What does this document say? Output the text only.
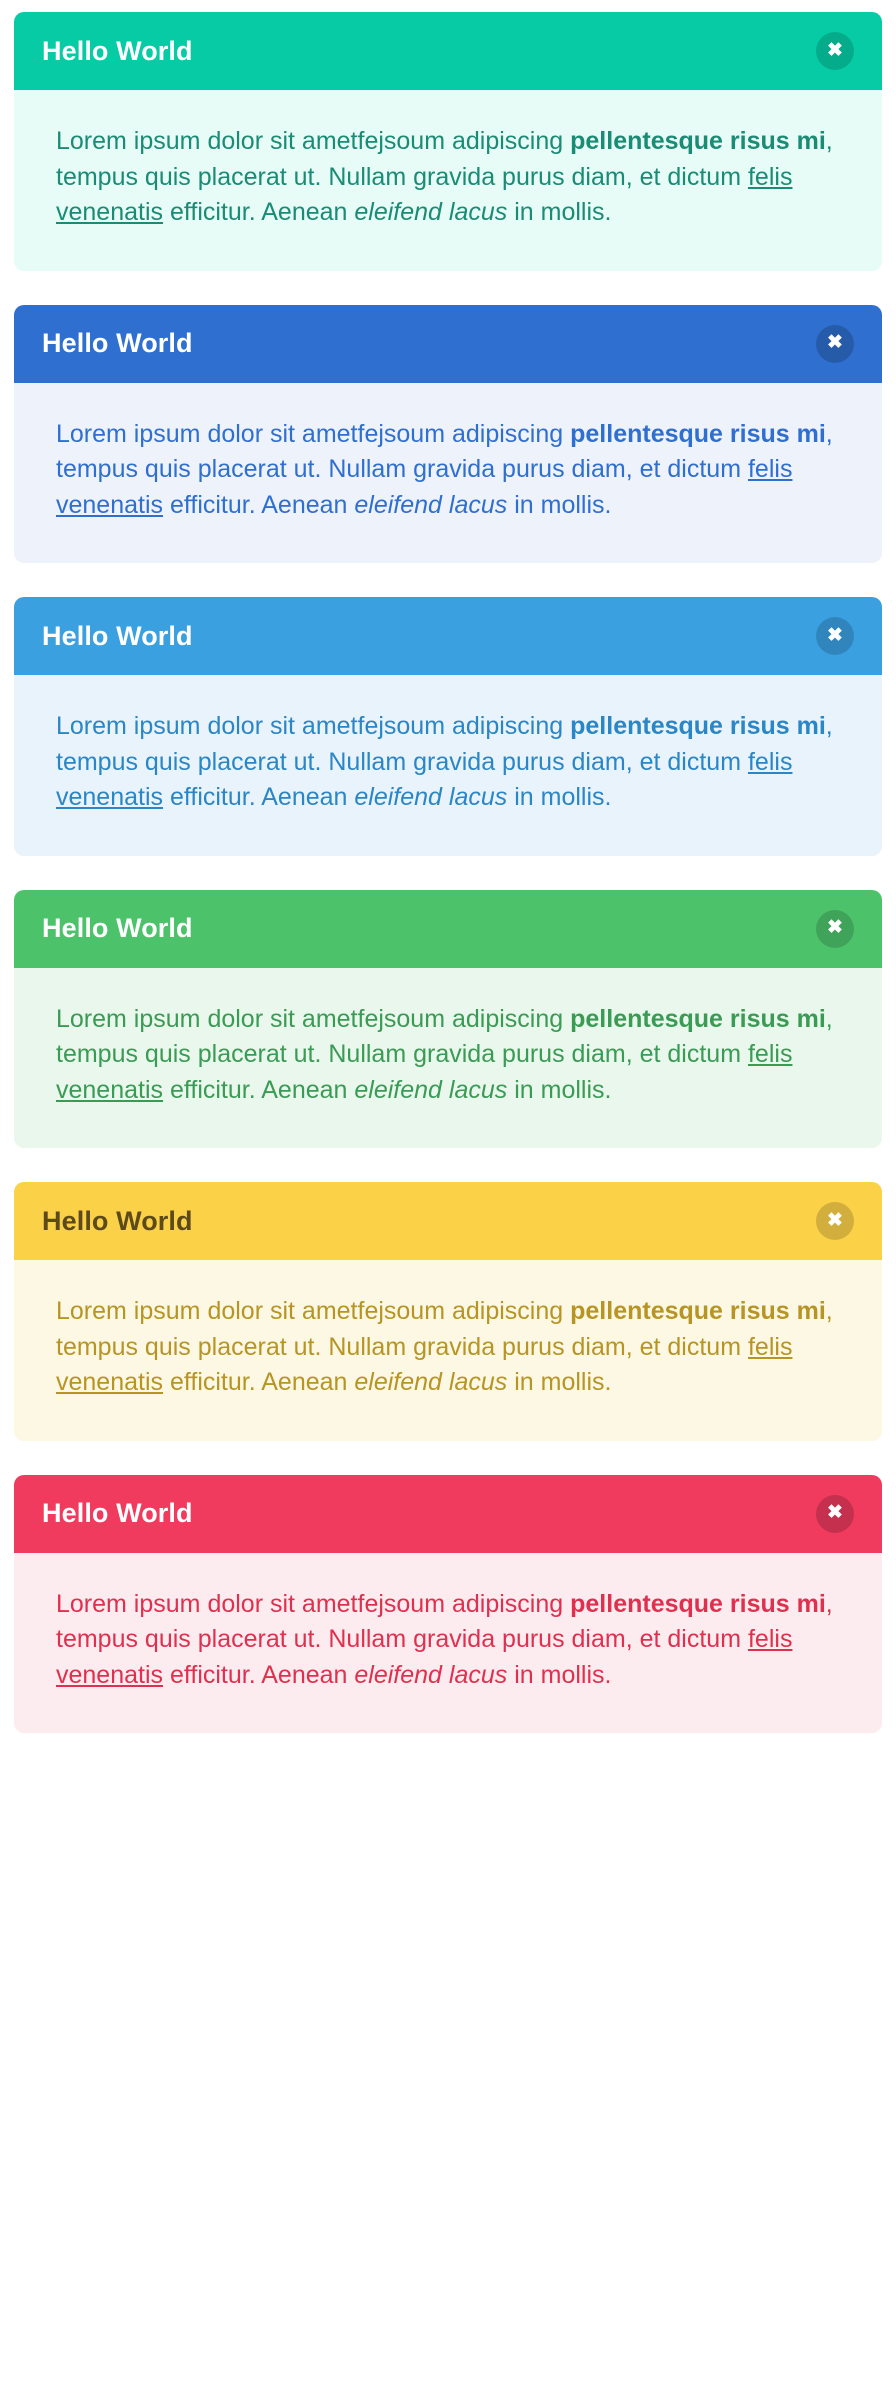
Hello World	✖

Lorem ipsum dolor sit ametfejsoum adipiscing pellentesque risus mi, tempus quis placerat ut. Nullam gravida purus diam, et dictum felis venenatis efficitur. Aenean eleifend lacus in mollis.

Hello World	✖

Lorem ipsum dolor sit ametfejsoum adipiscing pellentesque risus mi, tempus quis placerat ut. Nullam gravida purus diam, et dictum felis venenatis efficitur. Aenean eleifend lacus in mollis.

Hello World	✖

Lorem ipsum dolor sit ametfejsoum adipiscing pellentesque risus mi, tempus quis placerat ut. Nullam gravida purus diam, et dictum felis venenatis efficitur. Aenean eleifend lacus in mollis.

Hello World	✖

Lorem ipsum dolor sit ametfejsoum adipiscing pellentesque risus mi, tempus quis placerat ut. Nullam gravida purus diam, et dictum felis venenatis efficitur. Aenean eleifend lacus in mollis.

Hello World	✖

Lorem ipsum dolor sit ametfejsoum adipiscing pellentesque risus mi, tempus quis placerat ut. Nullam gravida purus diam, et dictum felis venenatis efficitur. Aenean eleifend lacus in mollis.

Hello World	✖

Lorem ipsum dolor sit ametfejsoum adipiscing pellentesque risus mi, tempus quis placerat ut. Nullam gravida purus diam, et dictum felis venenatis efficitur. Aenean eleifend lacus in mollis.
